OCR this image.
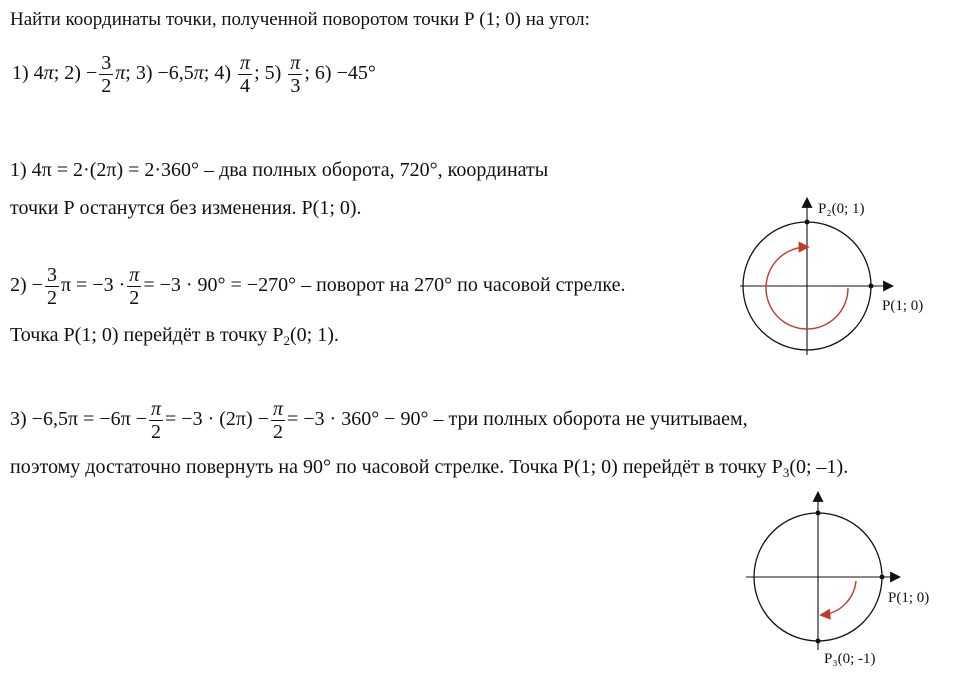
Найти координаты точки, полученной поворотом точки Р (1; 0) на угол:
1) 4π; $2) - \frac{3}{2} \pi$; 3) −6,5π; $4) \frac{\pi}{4}$ ; $5) \frac{\pi}{3}$ ; 6) −45°
1) 4π = 2·(2π) = 2·360° – два полных оборота, 720°, координаты
точки Р останутся без изменения. Р(1; 0).
$2) - \frac{3}{2}$ $\pi = -3 \cdot \frac{\pi}{2} = -3 \cdot 90^\circ = -270^\circ$ – поворот на 270° по часовой стрелке.
Точка Р(1; 0) перейдёт в точку $Р_2(0$; 1).
$3) -6,5\pi = -6\pi - \frac{\pi}{2} = -3 \cdot (2\pi) - \frac{\pi}{2} = -3 \cdot 360^\circ - 90^\circ$ – три полных оборота не учитываем,
поэтому достаточно повернуть на 90° по часовой стрелке. Точка Р(1; 0) перейдёт в точку $Р_3(0$; –1).
P₂(0; 1)
P(1; 0)
P(1; 0)
P₃(0; -1)
